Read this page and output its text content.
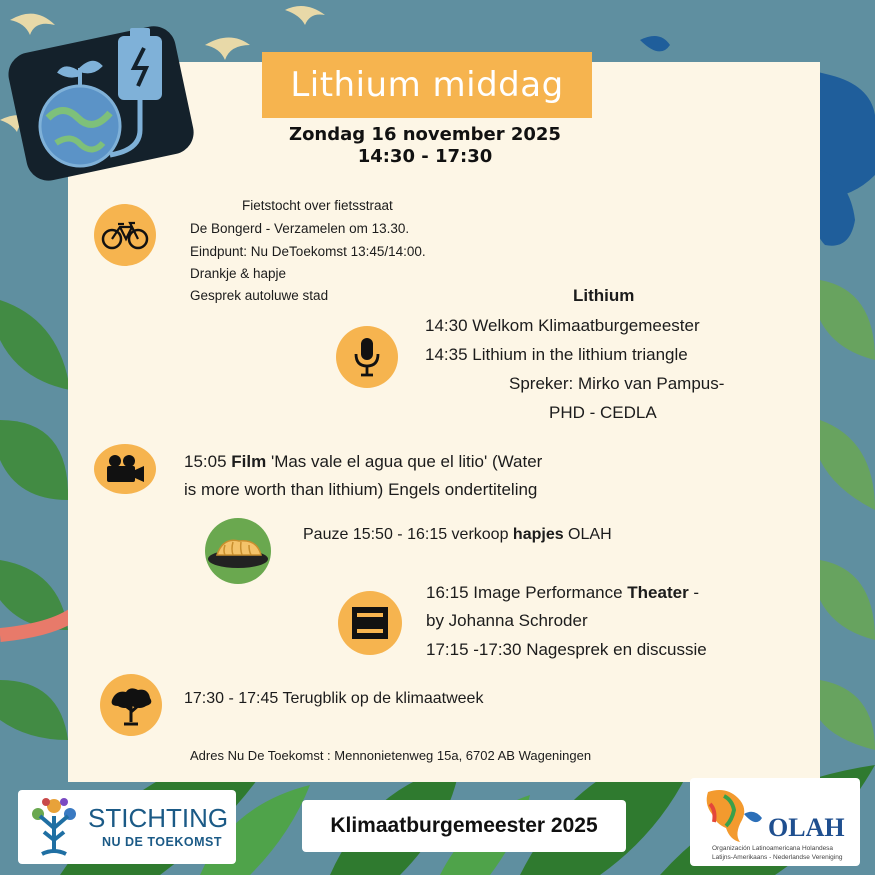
Lithium middag
Zondag 16 november 2025
14:30 - 17:30
Fietstocht over fietsstraat
De Bongerd - Verzamelen om 13.30.
Eindpunt: Nu DeToekomst 13:45/14:00.
Drankje & hapje
Gesprek autoluwe stad	Lithium
14:30 Welkom Klimaatburgemeester
14:35 Lithium in the lithium triangle
Spreker: Mirko van Pampus-
PHD - CEDLA
15:05 Film 'Mas vale el agua que el litio' (Water
is more worth than lithium) Engels ondertiteling
Pauze 15:50 - 16:15 verkoop hapjes OLAH
16:15 Image Performance Theater -
by Johanna Schroder
17:15 -17:30 Nagesprek en discussie
17:30 - 17:45 Terugblik op de klimaatweek
Adres Nu De Toekomst : Mennonietenweg 15a, 6702 AB Wageningen
STICHTING
NU DE TOEKOMST
Klimaatburgemeester 2025	OLAH
Organización Latinoamericana Holandesa
Latijns-Amerikaans - Nederlandse Vereniging
